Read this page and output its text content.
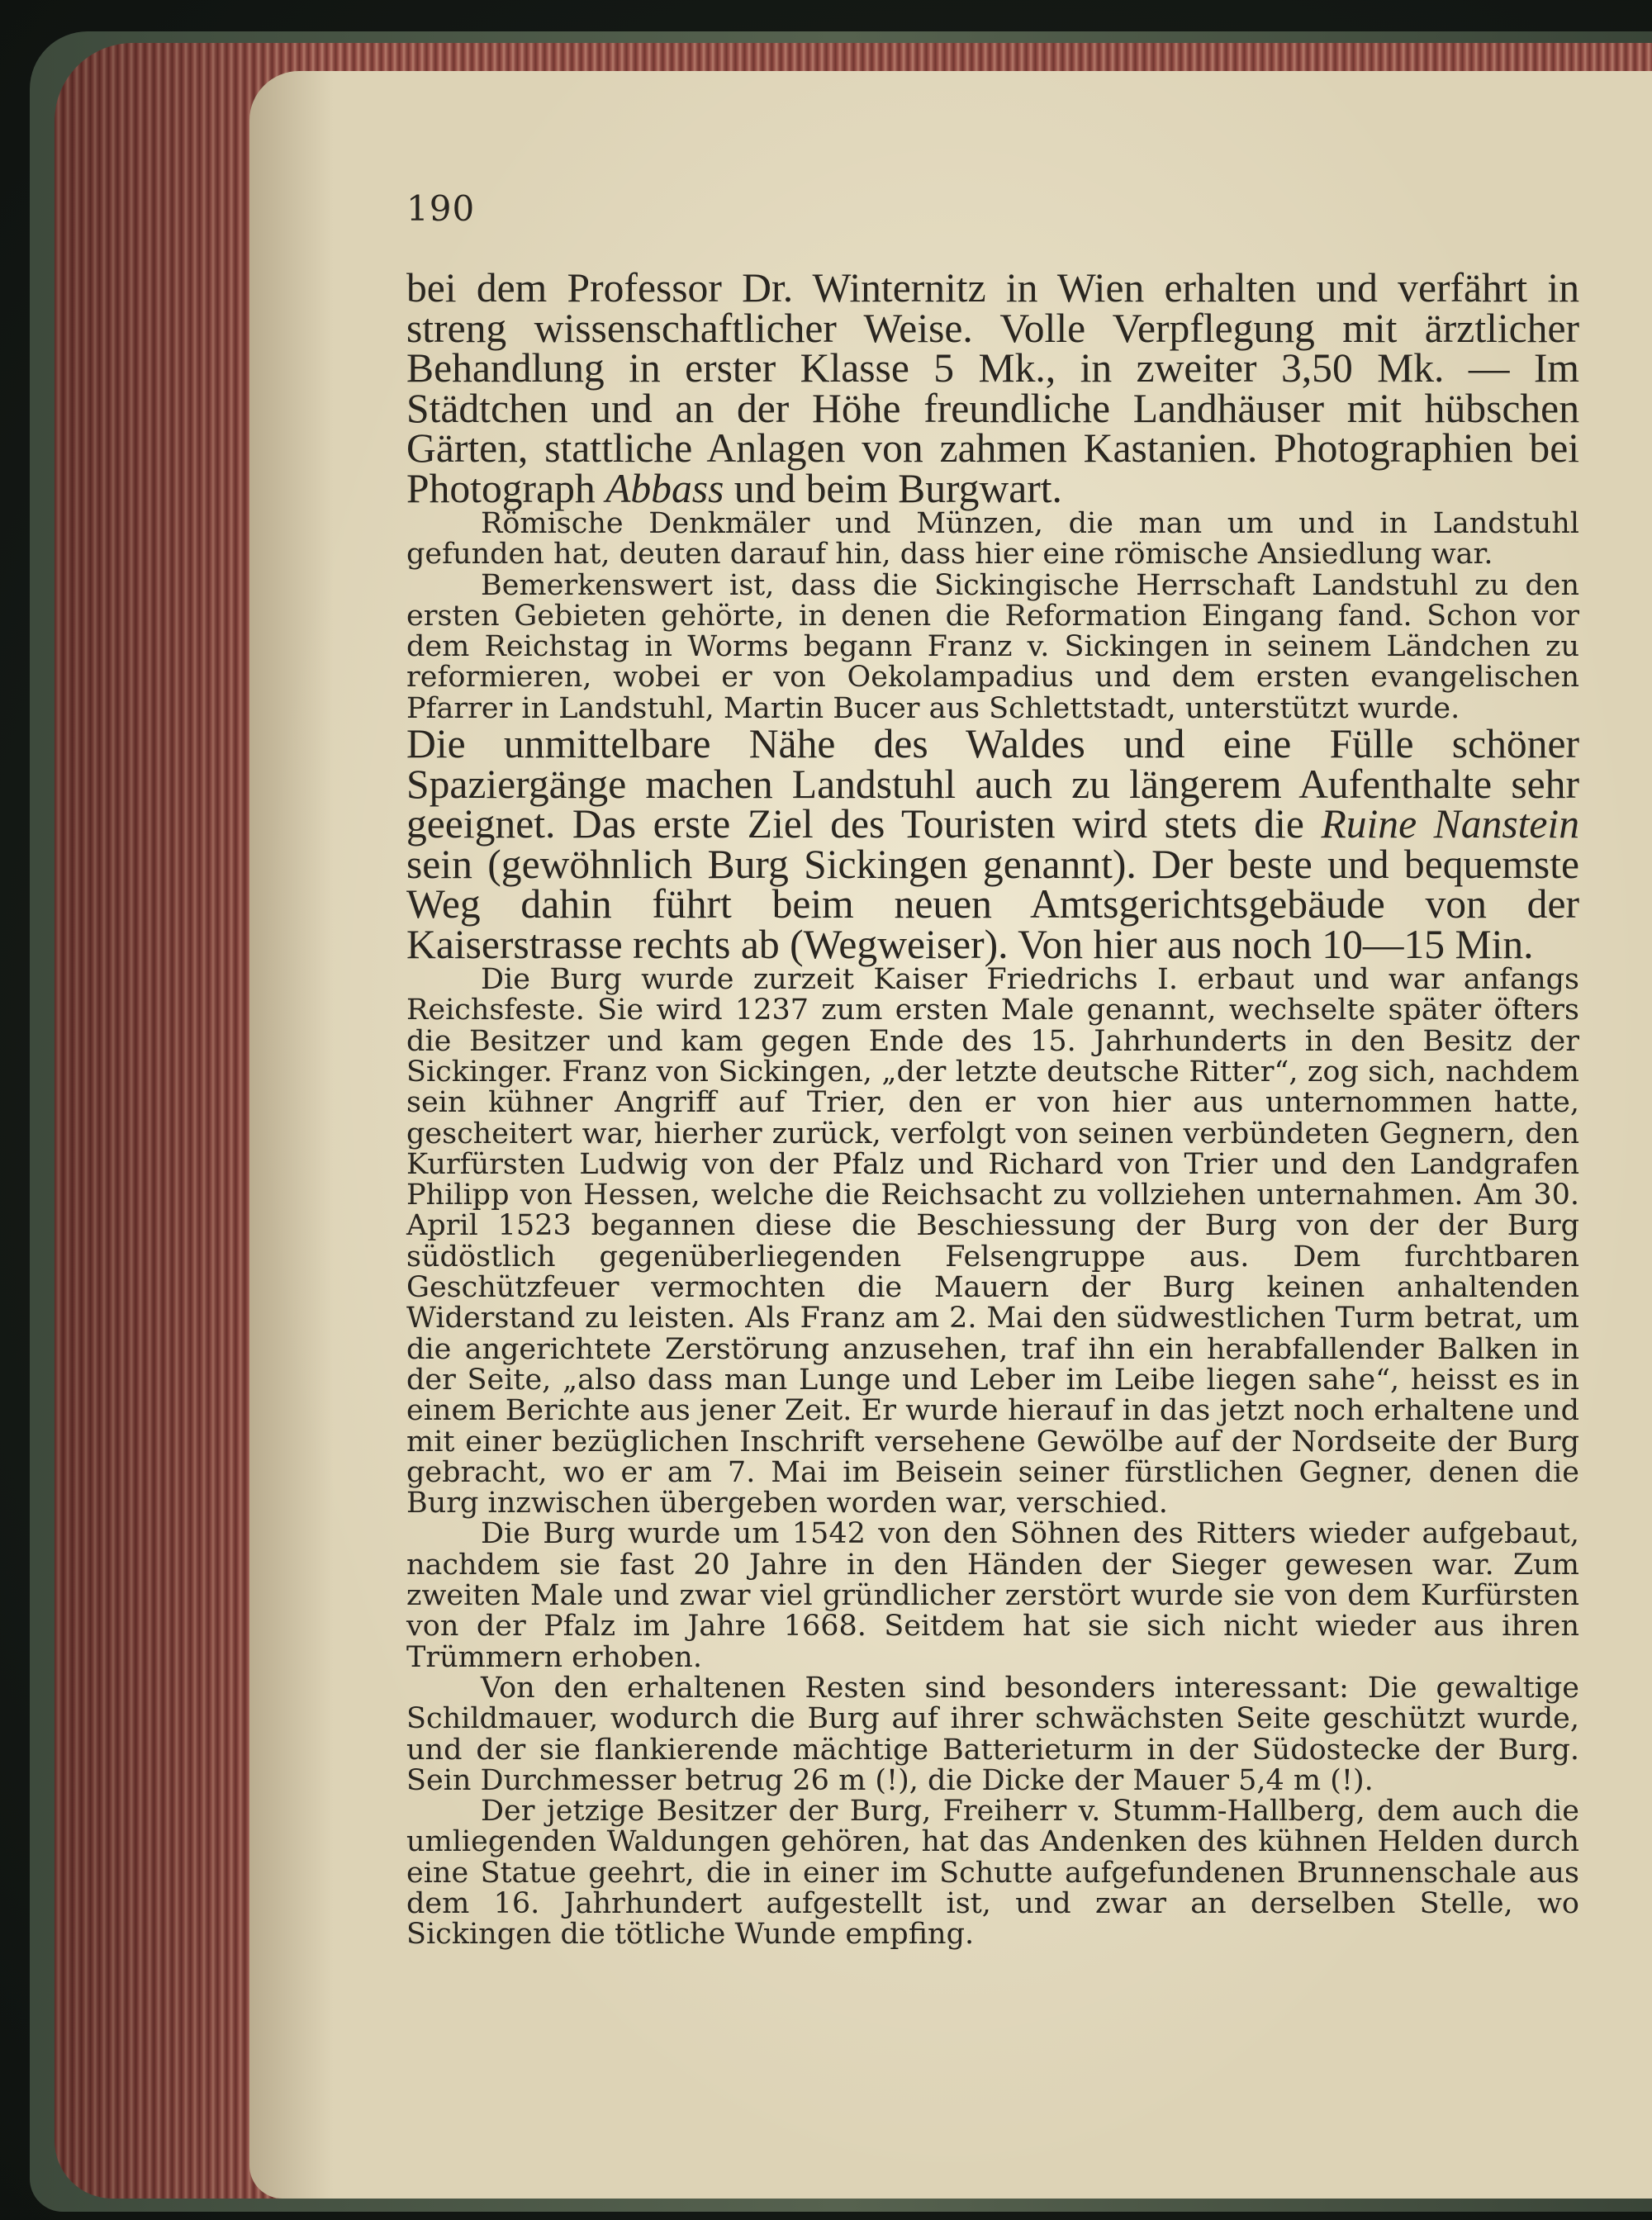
190

bei dem Professor Dr. Winternitz in Wien erhalten und verfährt in streng wissenschaftlicher Weise. Volle Verpflegung mit ärztlicher Behandlung in erster Klasse 5 Mk., in zweiter 3,50 Mk. — Im Städtchen und an der Höhe freundliche Landhäuser mit hübschen Gärten, stattliche Anlagen von zahmen Kastanien. Photographien bei Photograph Abbass und beim Burgwart.

Römische Denkmäler und Münzen, die man um und in Landstuhl gefunden hat, deuten darauf hin, dass hier eine römische Ansiedlung war.

Bemerkenswert ist, dass die Sickingische Herrschaft Landstuhl zu den ersten Gebieten gehörte, in denen die Reformation Eingang fand. Schon vor dem Reichstag in Worms begann Franz v. Sickingen in seinem Ländchen zu reformieren, wobei er von Oekolampadius und dem ersten evangelischen Pfarrer in Landstuhl, Martin Bucer aus Schlettstadt, unterstützt wurde.

Die unmittelbare Nähe des Waldes und eine Fülle schöner Spaziergänge machen Landstuhl auch zu längerem Aufenthalte sehr geeignet. Das erste Ziel des Touristen wird stets die Ruine Nanstein sein (gewöhnlich Burg Sickingen genannt). Der beste und bequemste Weg dahin führt beim neuen Amtsgerichtsgebäude von der Kaiserstrasse rechts ab (Wegweiser). Von hier aus noch 10—15 Min.

Die Burg wurde zurzeit Kaiser Friedrichs I. erbaut und war anfangs Reichsfeste. Sie wird 1237 zum ersten Male genannt, wechselte später öfters die Besitzer und kam gegen Ende des 15. Jahrhunderts in den Besitz der Sickinger. Franz von Sickingen, „der letzte deutsche Ritter“, zog sich, nachdem sein kühner Angriff auf Trier, den er von hier aus unternommen hatte, gescheitert war, hierher zurück, verfolgt von seinen verbündeten Gegnern, den Kurfürsten Ludwig von der Pfalz und Richard von Trier und den Landgrafen Philipp von Hessen, welche die Reichsacht zu vollziehen unternahmen. Am 30. April 1523 begannen diese die Beschiessung der Burg von der der Burg südöstlich gegenüberliegenden Felsengruppe aus. Dem furchtbaren Geschützfeuer vermochten die Mauern der Burg keinen anhaltenden Widerstand zu leisten. Als Franz am 2. Mai den südwestlichen Turm betrat, um die angerichtete Zerstörung anzusehen, traf ihn ein herabfallender Balken in der Seite, „also dass man Lunge und Leber im Leibe liegen sahe“, heisst es in einem Berichte aus jener Zeit. Er wurde hierauf in das jetzt noch erhaltene und mit einer bezüglichen Inschrift versehene Gewölbe auf der Nordseite der Burg gebracht, wo er am 7. Mai im Beisein seiner fürstlichen Gegner, denen die Burg inzwischen übergeben worden war, verschied.

Die Burg wurde um 1542 von den Söhnen des Ritters wieder aufgebaut, nachdem sie fast 20 Jahre in den Händen der Sieger gewesen war. Zum zweiten Male und zwar viel gründlicher zerstört wurde sie von dem Kurfürsten von der Pfalz im Jahre 1668. Seitdem hat sie sich nicht wieder aus ihren Trümmern erhoben.

Von den erhaltenen Resten sind besonders interessant: Die gewaltige Schildmauer, wodurch die Burg auf ihrer schwächsten Seite geschützt wurde, und der sie flankierende mächtige Batterieturm in der Südostecke der Burg. Sein Durchmesser betrug 26 m (!), die Dicke der Mauer 5,4 m (!).

Der jetzige Besitzer der Burg, Freiherr v. Stumm-Hallberg, dem auch die umliegenden Waldungen gehören, hat das Andenken des kühnen Helden durch eine Statue geehrt, die in einer im Schutte aufgefundenen Brunnenschale aus dem 16. Jahrhundert aufgestellt ist, und zwar an derselben Stelle, wo Sickingen die tötliche Wunde empfing.
